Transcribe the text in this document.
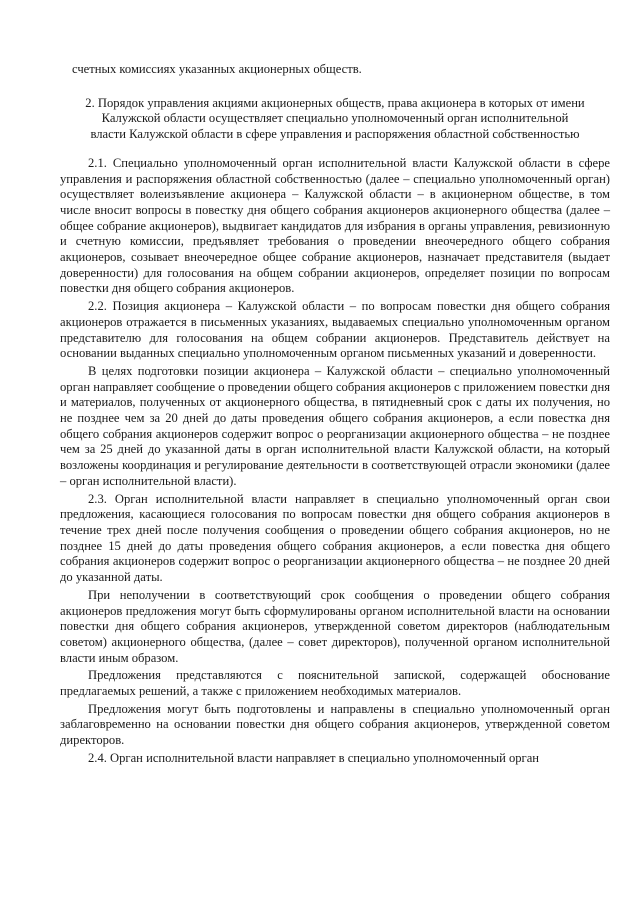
счетных комиссиях указанных акционерных обществ.

2. Порядок управления акциями акционерных обществ, права акционера в которых от имени Калужской области осуществляет специально уполномоченный орган исполнительной власти Калужской области в сфере управления и распоряжения областной собственностью

2.1. Специально уполномоченный орган исполнительной власти Калужской области в сфере управления и распоряжения областной собственностью (далее – специально уполномоченный орган) осуществляет волеизъявление акционера – Калужской области – в акционерном обществе, в том числе вносит вопросы в повестку дня общего собрания акционеров акционерного общества (далее – общее собрание акционеров), выдвигает кандидатов для избрания в органы управления, ревизионную и счетную комиссии, предъявляет требования о проведении внеочередного общего собрания акционеров, созывает внеочередное общее собрание акционеров, назначает представителя (выдает доверенности) для голосования на общем собрании акционеров, определяет позиции по вопросам повестки дня общего собрания акционеров.

2.2. Позиция акционера – Калужской области – по вопросам повестки дня общего собрания акционеров отражается в письменных указаниях, выдаваемых специально уполномоченным органом представителю для голосования на общем собрании акционеров. Представитель действует на основании выданных специально уполномоченным органом письменных указаний и доверенности.

В целях подготовки позиции акционера – Калужской области – специально уполномоченный орган направляет сообщение о проведении общего собрания акционеров с приложением повестки дня и материалов, полученных от акционерного общества, в пятидневный срок с даты их получения, но не позднее чем за 20 дней до даты проведения общего собрания акционеров, а если повестка дня общего собрания акционеров содержит вопрос о реорганизации акционерного общества – не позднее чем за 25 дней до указанной даты в орган исполнительной власти Калужской области, на который возложены координация и регулирование деятельности в соответствующей отрасли экономики (далее – орган исполнительной власти).

2.3. Орган исполнительной власти направляет в специально уполномоченный орган свои предложения, касающиеся голосования по вопросам повестки дня общего собрания акционеров в течение трех дней после получения сообщения о проведении общего собрания акционеров, но не позднее 15 дней до даты проведения общего собрания акционеров, а если повестка дня общего собрания акционеров содержит вопрос о реорганизации акционерного общества – не позднее 20 дней до указанной даты.

При неполучении в соответствующий срок сообщения о проведении общего собрания акционеров предложения могут быть сформулированы органом исполнительной власти на основании повестки дня общего собрания акционеров, утвержденной советом директоров (наблюдательным советом) акционерного общества, (далее – совет директоров), полученной органом исполнительной власти иным образом.

Предложения представляются с пояснительной запиской, содержащей обоснование предлагаемых решений, а также с приложением необходимых материалов.

Предложения могут быть подготовлены и направлены в специально уполномоченный орган заблаговременно на основании повестки дня общего собрания акционеров, утвержденной советом директоров.

2.4. Орган исполнительной власти направляет в специально уполномоченный орган
